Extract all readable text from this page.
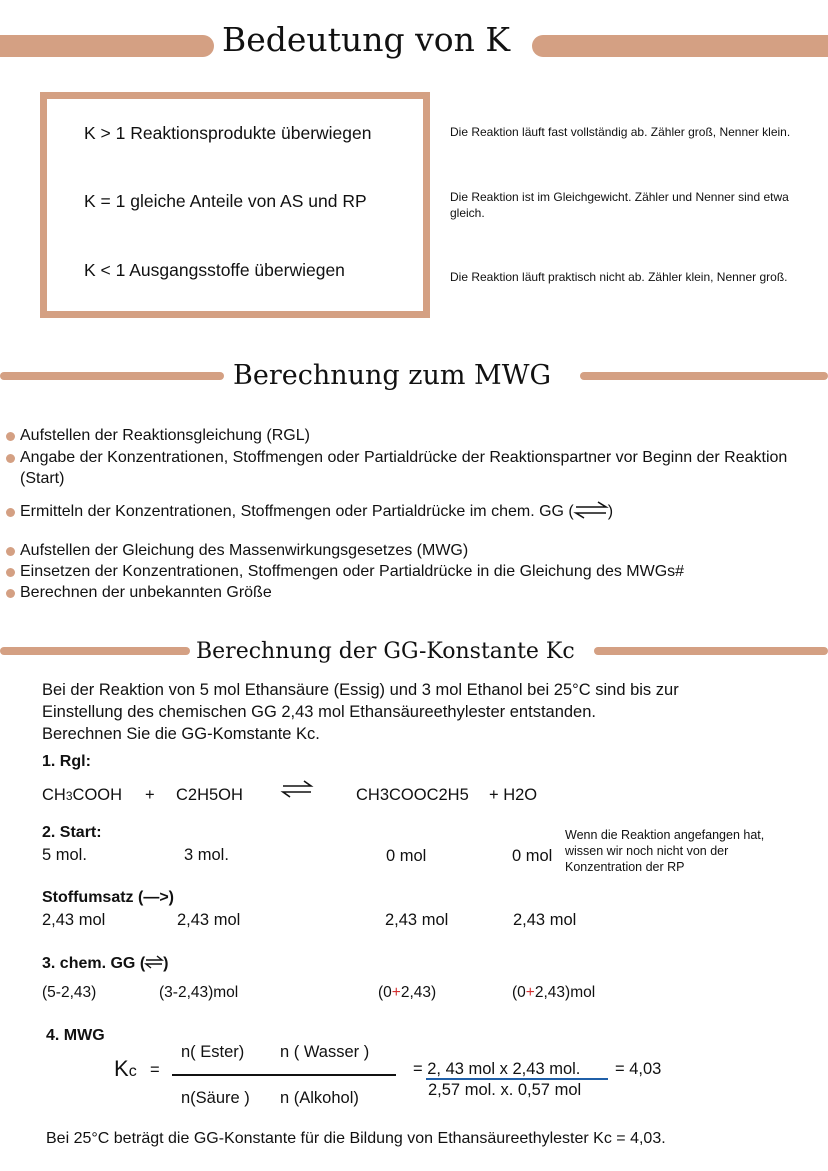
Bedeutung von K
K > 1 Reaktionsprodukte überwiegen
K = 1 gleiche Anteile von AS und RP
K < 1 Ausgangsstoffe überwiegen
Die Reaktion läuft fast vollständig ab. Zähler groß, Nenner klein.
Die Reaktion ist im Gleichgewicht. Zähler und Nenner sind etwa gleich.
Die Reaktion läuft praktisch nicht ab. Zähler klein, Nenner groß.
Berechnung zum MWG
Aufstellen der Reaktionsgleichung (RGL)
Angabe der Konzentrationen, Stoffmengen oder Partialdrücke der Reaktionspartner vor Beginn der Reaktion (Start)
Ermitteln der Konzentrationen, Stoffmengen oder Partialdrücke im chem. GG (⇌)
Aufstellen der Gleichung des Massenwirkungsgesetzes (MWG)
Einsetzen der Konzentrationen, Stoffmengen oder Partialdrücke in die Gleichung des MWGs#
Berechnen der unbekannten Größe
Berechnung der GG-Konstante Kc
Bei der Reaktion von 5 mol Ethansäure (Essig) und 3 mol Ethanol bei 25°C sind bis zur
Einstellung des chemischen GG 2,43 mol Ethansäureethylester entstanden.
Berechnen Sie die GG-Komstante Kc.
1. Rgl:
CH3COOH + C2H5OH	CH3COOC2H5 + H2O
2. Start:
5 mol.	3 mol.	0 mol	0 mol
Wenn die Reaktion angefangen hat,
wissen wir noch nicht von der
Konzentration der RP
Stoffumsatz (—>)
2,43 mol	2,43 mol	2,43 mol	2,43 mol
3. chem. GG (⇌)
(5-2,43)	(3-2,43)mol	(0+2,43)	(0+2,43)mol
4. MWG
Kc =
n( Ester) n ( Wasser )
n(Säure ) n (Alkohol)
= 2, 43 mol x 2,43 mol.
2,57 mol. x. 0,57 mol
= 4,03
Bei 25°C beträgt die GG-Konstante für die Bildung von Ethansäureethylester Kc = 4,03.
